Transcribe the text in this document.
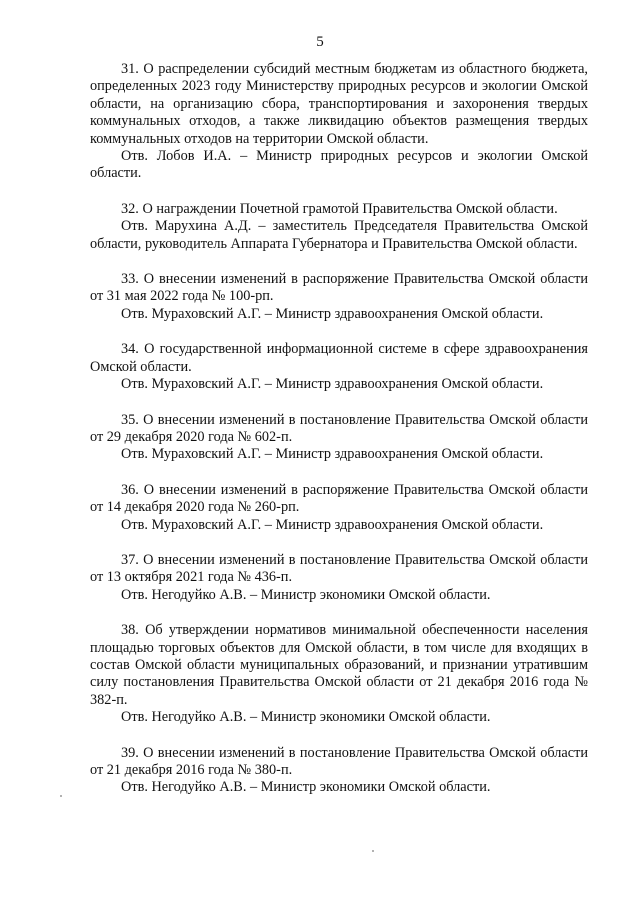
5

31. О распределении субсидий местным бюджетам из областного бюджета, определенных 2023 году Министерству природных ресурсов и экологии Омской области, на организацию сбора, транспортирования и захоронения твердых коммунальных отходов, а также ликвидацию объектов размещения твердых коммунальных отходов на территории Омской области.

Отв. Лобов И.А. – Министр природных ресурсов и экологии Омской области.

32. О награждении Почетной грамотой Правительства Омской области.

Отв. Марухина А.Д. – заместитель Председателя Правительства Омской области, руководитель Аппарата Губернатора и Правительства Омской области.

33. О внесении изменений в распоряжение Правительства Омской области от 31 мая 2022 года № 100-рп.

Отв. Мураховский А.Г. – Министр здравоохранения Омской области.

34. О государственной информационной системе в сфере здравоохранения Омской области.

Отв. Мураховский А.Г. – Министр здравоохранения Омской области.

35. О внесении изменений в постановление Правительства Омской области от 29 декабря 2020 года № 602-п.

Отв. Мураховский А.Г. – Министр здравоохранения Омской области.

36. О внесении изменений в распоряжение Правительства Омской области от 14 декабря 2020 года № 260-рп.

Отв. Мураховский А.Г. – Министр здравоохранения Омской области.

37. О внесении изменений в постановление Правительства Омской области от 13 октября 2021 года № 436-п.

Отв. Негодуйко А.В. – Министр экономики Омской области.

38. Об утверждении нормативов минимальной обеспеченности населения площадью торговых объектов для Омской области, в том числе для входящих в состав Омской области муниципальных образований, и признании утратившим силу постановления Правительства Омской области от 21 декабря 2016 года № 382-п.

Отв. Негодуйко А.В. – Министр экономики Омской области.

39. О внесении изменений в постановление Правительства Омской области от 21 декабря 2016 года № 380-п.

Отв. Негодуйко А.В. – Министр экономики Омской области.
